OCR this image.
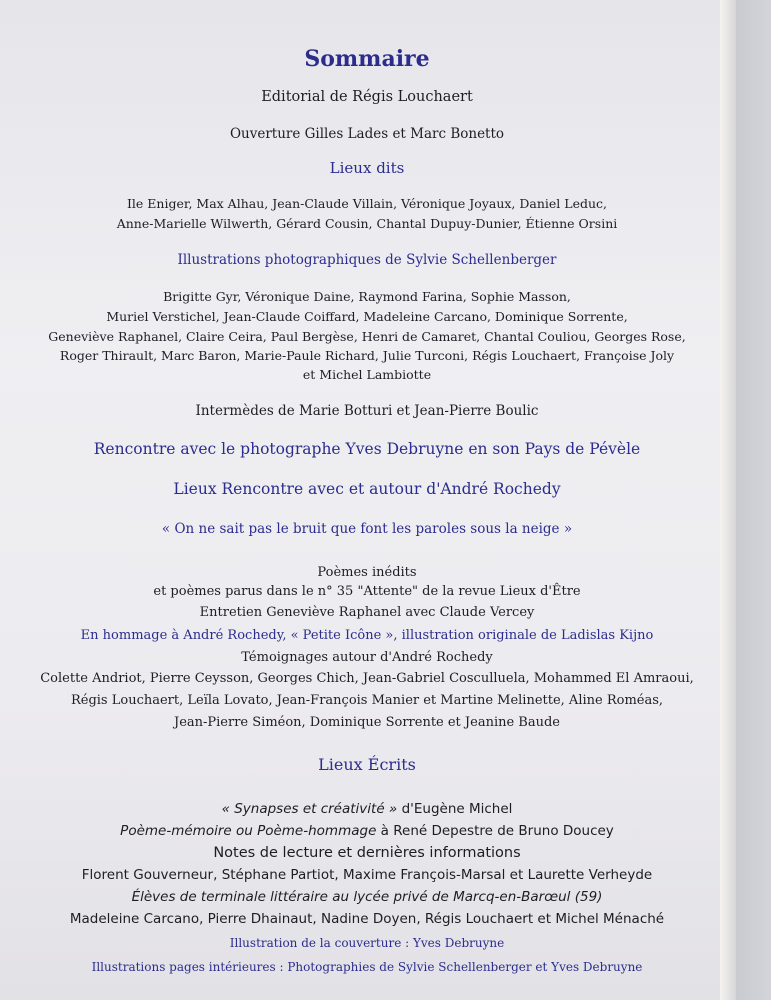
Sommaire
Editorial de Régis Louchaert
Ouverture Gilles Lades et Marc Bonetto
Lieux dits
Ile Eniger, Max Alhau, Jean-Claude Villain, Véronique Joyaux, Daniel Leduc,
Anne-Marielle Wilwerth, Gérard Cousin, Chantal Dupuy-Dunier, Étienne Orsini
Illustrations photographiques de Sylvie Schellenberger
Brigitte Gyr, Véronique Daine, Raymond Farina, Sophie Masson,
Muriel Verstichel, Jean-Claude Coiffard, Madeleine Carcano, Dominique Sorrente,
Geneviève Raphanel, Claire Ceira, Paul Bergèse, Henri de Camaret, Chantal Couliou, Georges Rose,
Roger Thirault, Marc Baron, Marie-Paule Richard, Julie Turconi, Régis Louchaert, Françoise Joly
et Michel Lambiotte
Intermèdes de Marie Botturi et Jean-Pierre Boulic
Rencontre avec le photographe Yves Debruyne en son Pays de Pévèle
Lieux Rencontre avec et autour d'André Rochedy
« On ne sait pas le bruit que font les paroles sous la neige »
Poèmes inédits
et poèmes parus dans le n° 35 "Attente" de la revue Lieux d'Être
Entretien Geneviève Raphanel avec Claude Vercey
En hommage à André Rochedy, « Petite Icône », illustration originale de Ladislas Kijno
Témoignages autour d'André Rochedy
Colette Andriot, Pierre Ceysson, Georges Chich, Jean-Gabriel Cosculluela, Mohammed El Amraoui,
Régis Louchaert, Leïla Lovato, Jean-François Manier et Martine Melinette, Aline Roméas,
Jean-Pierre Siméon, Dominique Sorrente et Jeanine Baude
Lieux Écrits
« Synapses et créativité » d'Eugène Michel
Poème-mémoire ou Poème-hommage à René Depestre de Bruno Doucey
Notes de lecture et dernières informations
Florent Gouverneur, Stéphane Partiot, Maxime François-Marsal et Laurette Verheyde
Élèves de terminale littéraire au lycée privé de Marcq-en-Barœul (59)
Madeleine Carcano, Pierre Dhainaut, Nadine Doyen, Régis Louchaert et Michel Ménaché
Illustration de la couverture : Yves Debruyne
Illustrations pages intérieures : Photographies de Sylvie Schellenberger et Yves Debruyne
